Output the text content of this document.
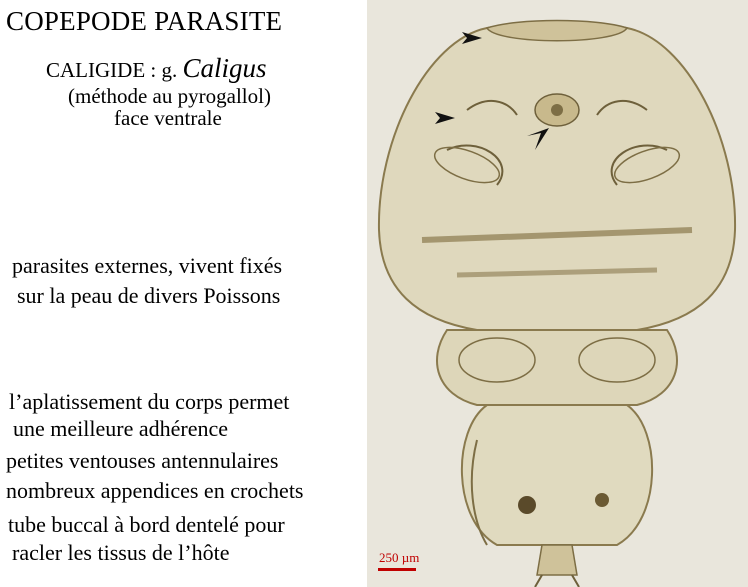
COPEPODE PARASITE
CALIGIDE : g. Caligus
(méthode au pyrogallol)
face ventrale
parasites externes, vivent fixés
sur la peau de divers Poissons
l’aplatissement du corps permet
une meilleure adhérence
petites ventouses antennulaires
nombreux appendices en crochets
tube buccal à bord dentelé pour
racler les tissus de l’hôte	250 µm
